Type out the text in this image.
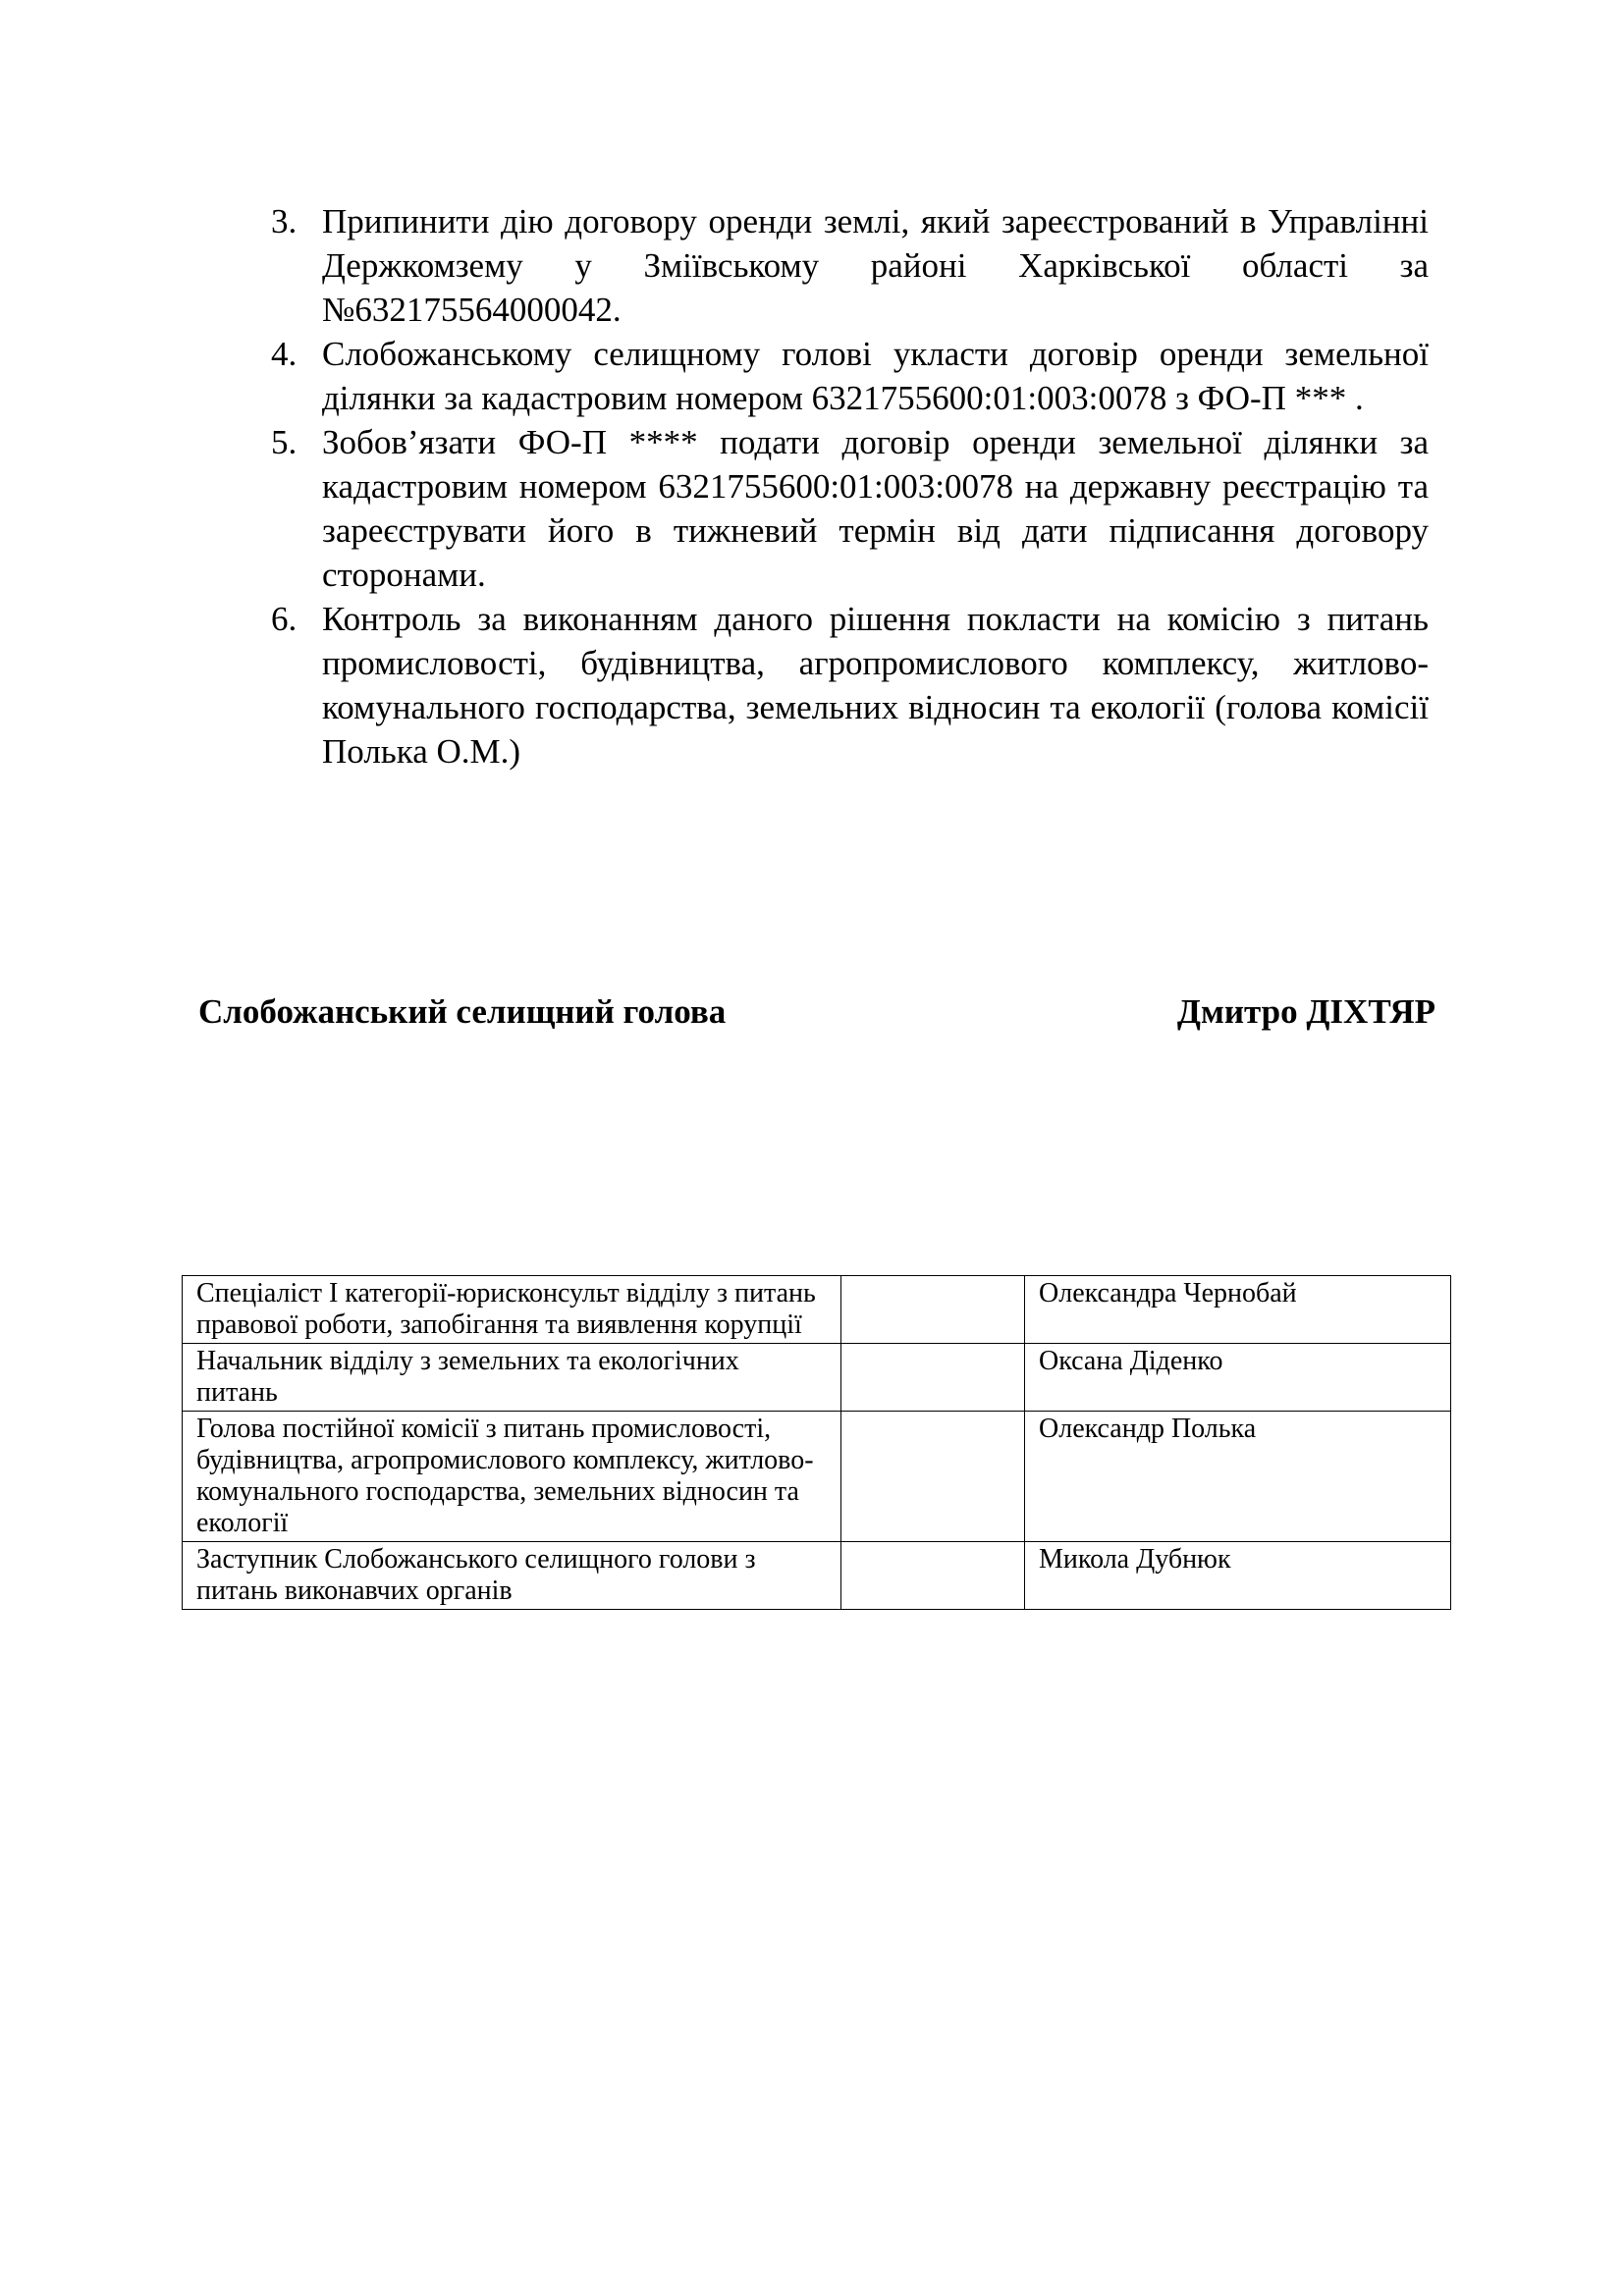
3. Припинити дію договору оренди землі, який зареєстрований в Управлінні Держкомзему у Зміївському районі Харківської області за №632175564000042.
4. Слобожанському селищному голові укласти договір оренди земельної ділянки за кадастровим номером 6321755600:01:003:0078 з ФО-П *** .
5. Зобов’язати ФО-П **** подати договір оренди земельної ділянки за кадастровим номером 6321755600:01:003:0078 на державну реєстрацію та зареєструвати його в тижневий термін від дати підписання договору сторонами.
6. Контроль за виконанням даного рішення покласти на комісію з питань промисловості, будівництва, агропромислового комплексу, житлово-комунального господарства, земельних відносин та екології (голова комісії Полька О.М.)
Слобожанський селищний голова	Дмитро ДІХТЯР
Спеціаліст І категорії-юрисконсульт відділу з питань правової роботи, запобігання та виявлення корупції		Олександра Чернобай
Начальник відділу з земельних та екологічних питань		Оксана Діденко
Голова постійної комісії з питань промисловості, будівництва, агропромислового комплексу, житлово-комунального господарства, земельних відносин та екології		Олександр Полька
Заступник Слобожанського селищного голови з питань виконавчих органів		Микола Дубнюк
